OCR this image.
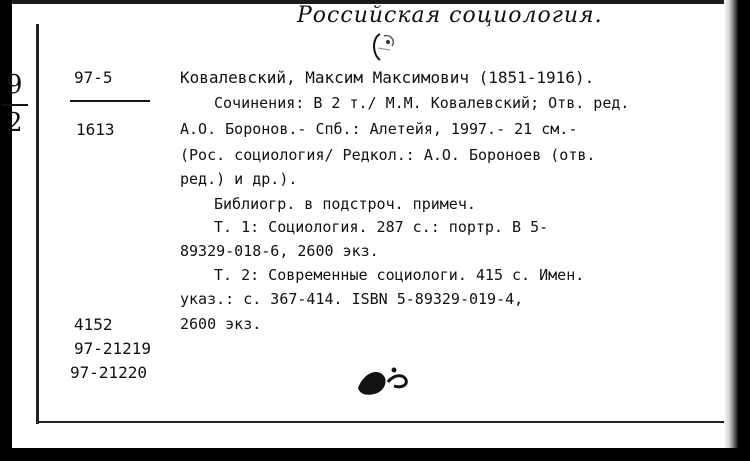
Российская социология.
9
2
97-5
1613
Ковалевский, Максим Максимович (1851-1916).
Сочинения: В 2 т./ М.М. Ковалевский; Отв. ред.
А.О. Боронов.- Спб.: Алетейя, 1997.- 21 см.-
(Рос. социология/ Редкол.: А.О. Бороноев (отв.
ред.) и др.).
Библиогр. в подстроч. примеч.
Т. 1: Социология. 287 с.: портр. В 5-
89329-018-6, 2600 экз.
Т. 2: Современные социологи. 415 с. Имен.
указ.: с. 367-414. ISBN 5-89329-019-4,
2600 экз.
4152
97-21219
97-21220
